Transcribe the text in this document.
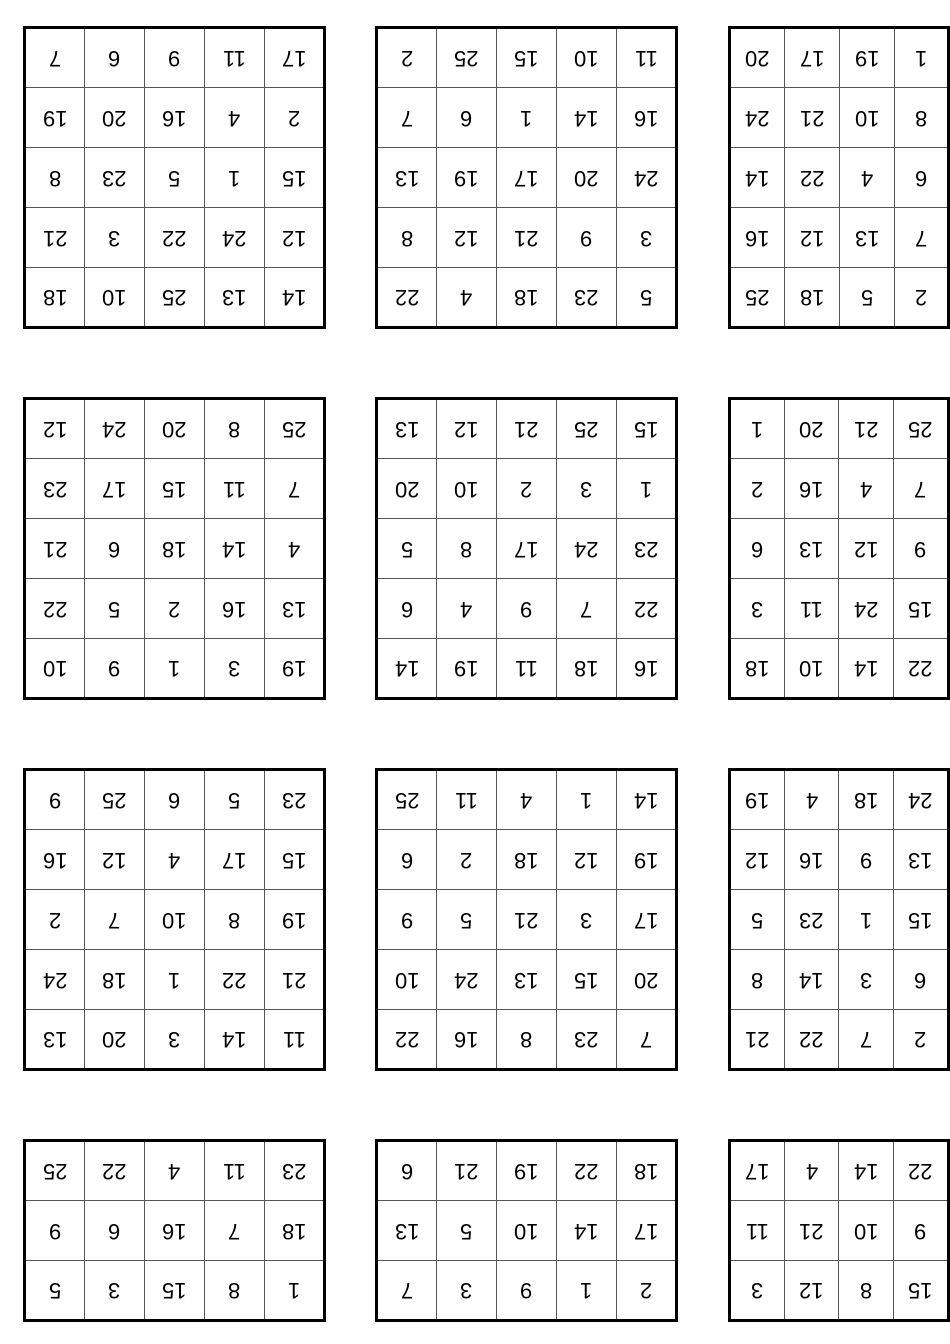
7	6	9	11	17
19	20	16	4	2
8	23	5	1	15
21	3	22	24	12
18	10	25	13	14
2	25	15	10	11
7	6	1	14	16
13	19	17	20	24
8	12	21	9	3
22	4	18	23	5
20	17	19	1
24	21	10	8
14	22	4	6
16	12	13	7
25	18	5	2
12	24	20	8	25
23	17	15	11	7
21	6	18	14	4
22	5	2	16	13
10	9	1	3	19
13	12	21	25	15
20	10	2	3	1
5	8	17	24	23
6	4	9	7	22
14	19	11	18	16
1	20	21	25
2	16	4	7
6	13	12	9
3	11	24	15
18	10	14	22
9	25	6	5	23
16	12	4	17	15
2	7	10	8	19
24	18	1	22	21
13	20	3	14	11
25	11	4	1	14
6	2	18	12	19
9	5	21	3	17
10	24	13	15	20
22	16	8	23	7
19	4	18	24
12	16	9	13
5	23	1	15
8	14	3	6
21	22	7	2
25	22	4	11	23
9	6	16	7	18
5	3	15	8	1
6	21	19	22	18
13	5	10	14	17
7	3	9	1	2
17	4	14	22
11	21	10	9
3	12	8	15
